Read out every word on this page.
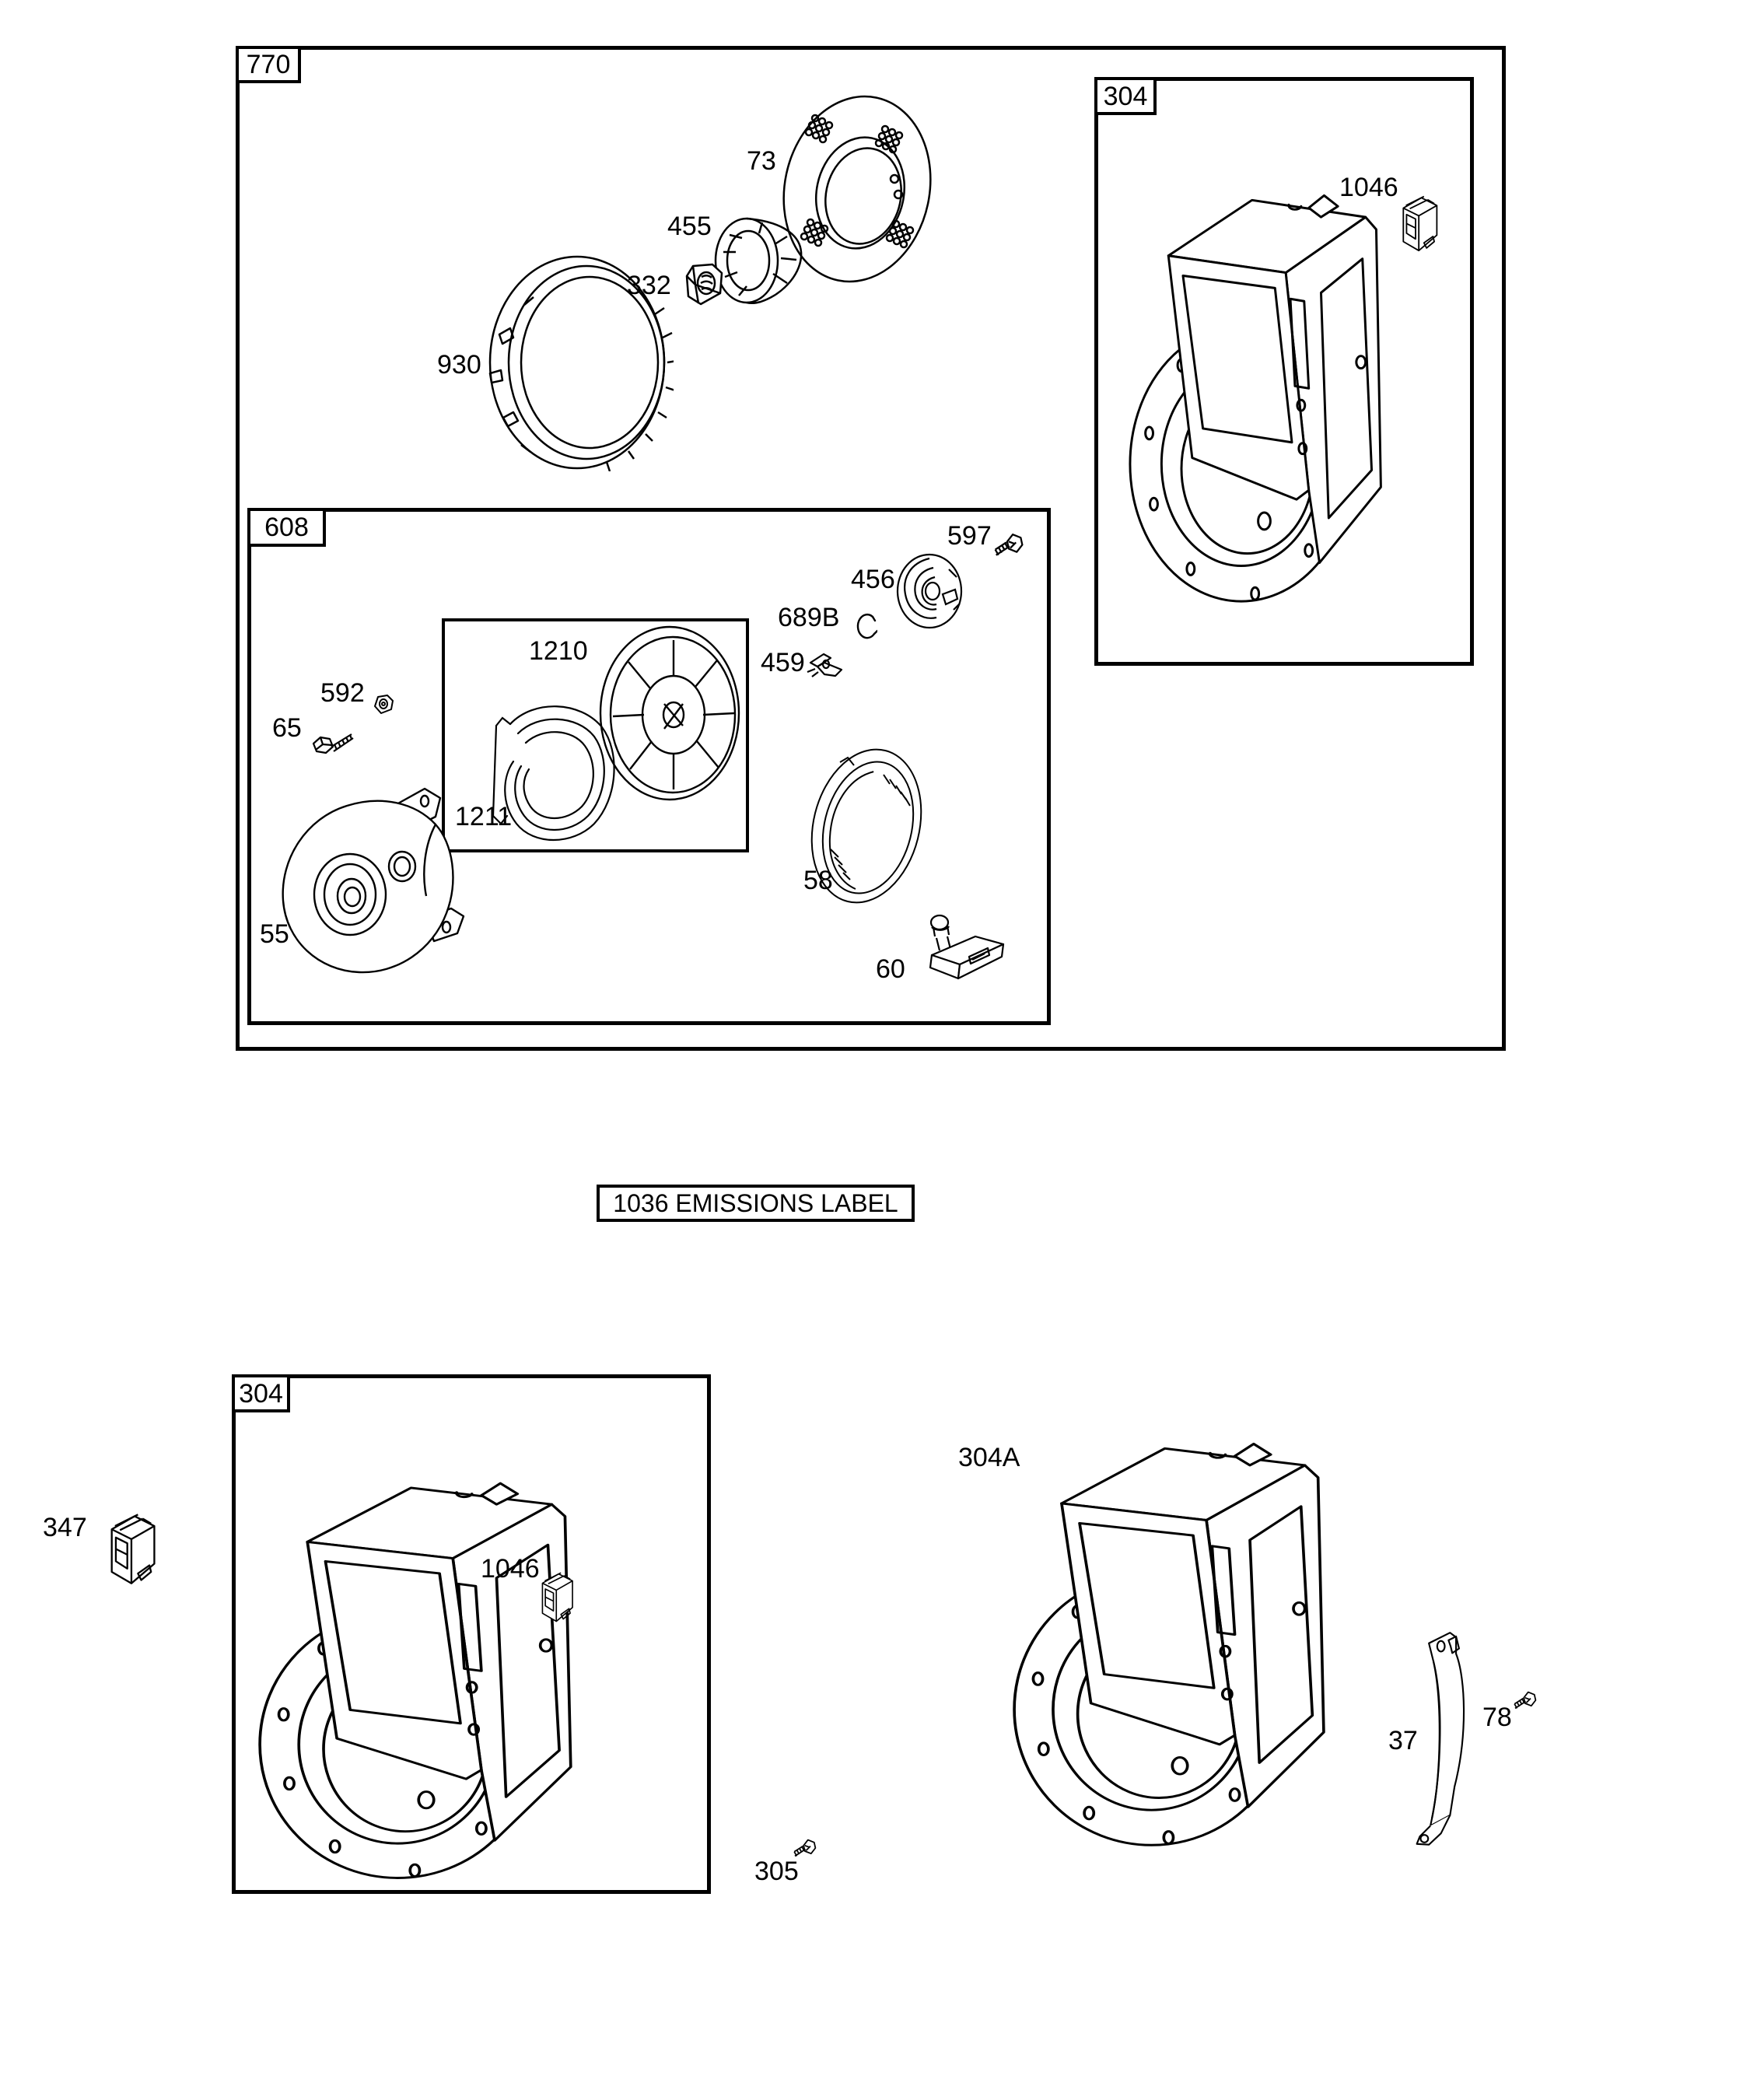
770
304
608
304
1036 EMISSIONS LABEL
73
455
332
930
1046
597
456
689B
459
1210
1211
592
65
55
58
60
347
1046
304A
305
37
78
